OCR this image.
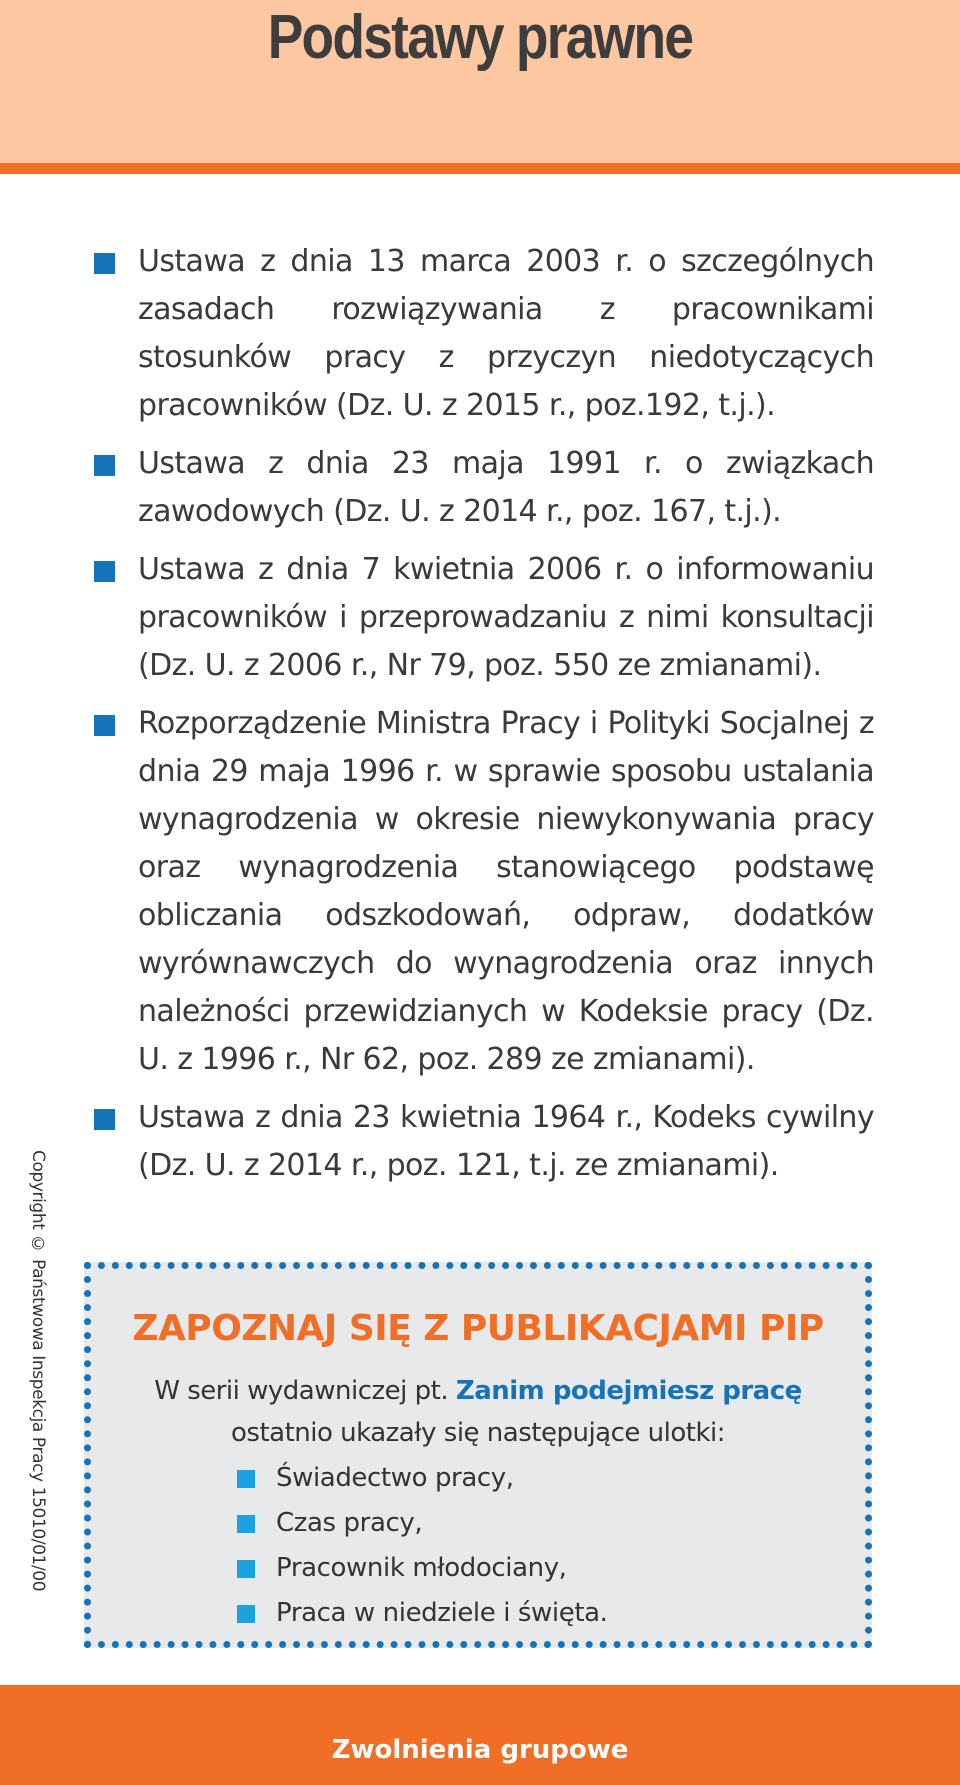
Podstawy prawne
Ustawa z dnia 13 marca 2003 r. o szczególnych zasadach rozwiązywania z pracownikami stosunków pracy z przyczyn niedotyczących pracowników (Dz. U. z 2015 r., poz.192, t.j.).
Ustawa z dnia 23 maja 1991 r. o związkach zawodowych (Dz. U. z 2014 r., poz. 167, t.j.).
Ustawa z dnia 7 kwietnia 2006 r. o informowaniu pracowników i przeprowadzaniu z nimi konsultacji (Dz. U. z 2006 r., Nr 79, poz. 550 ze zmianami).
Rozporządzenie Ministra Pracy i Polityki Socjalnej z dnia 29 maja 1996 r. w sprawie sposobu ustalania wynagrodzenia w okresie niewykonywania pracy oraz wynagrodzenia stanowiącego podstawę obliczania odszkodowań, odpraw, dodatków wyrównawczych do wynagrodzenia oraz innych należności przewidzianych w Kodeksie pracy (Dz. U. z 1996 r., Nr 62, poz. 289 ze zmianami).
Ustawa z dnia 23 kwietnia 1964 r., Kodeks cywilny (Dz. U. z 2014 r., poz. 121, t.j. ze zmianami).
Copyright © Państwowa Inspekcja Pracy 15010/01/00	ZAPOZNAJ SIĘ Z PUBLIKACJAMI PIP
W serii wydawniczej pt. Zanim podejmiesz pracę
ostatnio ukazały się następujące ulotki:
Świadectwo pracy,
Czas pracy,
Pracownik młodociany,
Praca w niedziele i święta.
Zwolnienia grupowe
